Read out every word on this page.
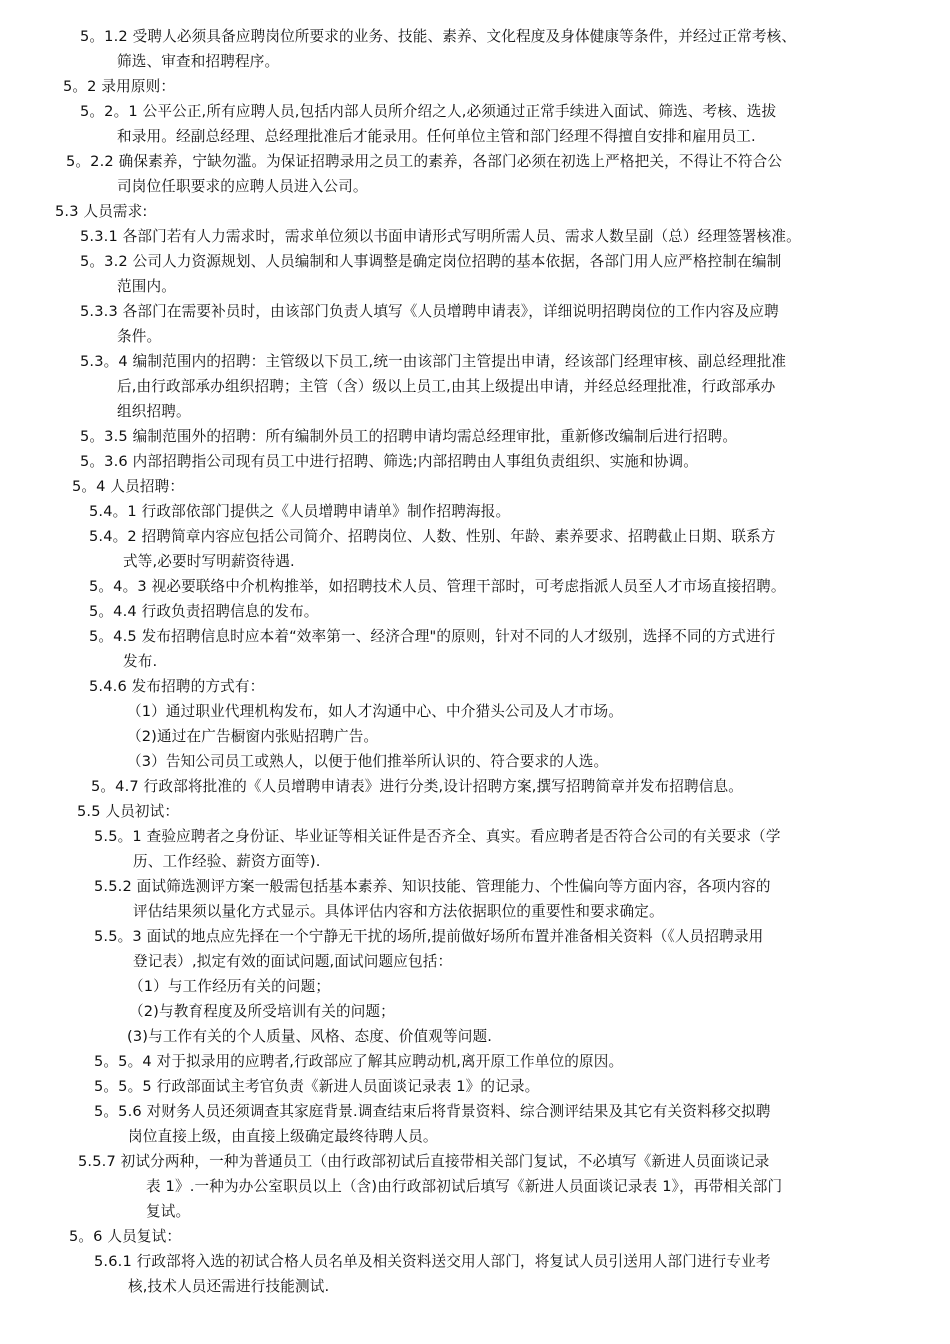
5。1.2 受聘人必须具备应聘岗位所要求的业务、技能、素养、文化程度及身体健康等条件，并经过正常考核、

筛选、审查和招聘程序。

5。2 录用原则：

5。2。1 公平公正,所有应聘人员,包括内部人员所介绍之人,必须通过正常手续进入面试、筛选、考核、选拔

和录用。经副总经理、总经理批准后才能录用。任何单位主管和部门经理不得擅自安排和雇用员工.

5。2.2 确保素养，宁缺勿滥。为保证招聘录用之员工的素养，各部门必须在初选上严格把关，不得让不符合公

司岗位任职要求的应聘人员进入公司。

5.3 人员需求:

5.3.1 各部门若有人力需求时，需求单位须以书面申请形式写明所需人员、需求人数呈副（总）经理签署核准。

5。3.2 公司人力资源规划、人员编制和人事调整是确定岗位招聘的基本依据，各部门用人应严格控制在编制

范围内。

5.3.3 各部门在需要补员时，由该部门负责人填写《人员增聘申请表》，详细说明招聘岗位的工作内容及应聘

条件。

5.3。4 编制范围内的招聘：主管级以下员工,统一由该部门主管提出申请，经该部门经理审核、副总经理批准

后,由行政部承办组织招聘；主管（含）级以上员工,由其上级提出申请，并经总经理批准，行政部承办

组织招聘。

5。3.5 编制范围外的招聘：所有编制外员工的招聘申请均需总经理审批，重新修改编制后进行招聘。

5。3.6 内部招聘指公司现有员工中进行招聘、筛选;内部招聘由人事组负责组织、实施和协调。

5。4 人员招聘：

5.4。1 行政部依部门提供之《人员增聘申请单》制作招聘海报。

5.4。2 招聘简章内容应包括公司简介、招聘岗位、人数、性别、年龄、素养要求、招聘截止日期、联系方

式等,必要时写明薪资待遇.

5。4。3 视必要联络中介机构推举，如招聘技术人员、管理干部时，可考虑指派人员至人才市场直接招聘。

5。4.4 行政负责招聘信息的发布。

5。4.5 发布招聘信息时应本着“效率第一、经济合理"的原则，针对不同的人才级别，选择不同的方式进行

发布.

5.4.6 发布招聘的方式有：

（1）通过职业代理机构发布，如人才沟通中心、中介猎头公司及人才市场。

（2)通过在广告橱窗内张贴招聘广告。

（3）告知公司员工或熟人，以便于他们推举所认识的、符合要求的人选。

5。4.7 行政部将批准的《人员增聘申请表》进行分类,设计招聘方案,撰写招聘简章并发布招聘信息。

5.5 人员初试：

5.5。1 查验应聘者之身份证、毕业证等相关证件是否齐全、真实。看应聘者是否符合公司的有关要求（学

历、工作经验、薪资方面等).

5.5.2 面试筛选测评方案一般需包括基本素养、知识技能、管理能力、个性偏向等方面内容，各项内容的

评估结果须以量化方式显示。具体评估内容和方法依据职位的重要性和要求确定。

5.5。3 面试的地点应先择在一个宁静无干扰的场所,提前做好场所布置并准备相关资料（《人员招聘录用

登记表）,拟定有效的面试问题,面试问题应包括：

（1）与工作经历有关的问题；

（2)与教育程度及所受培训有关的问题；

(3)与工作有关的个人质量、风格、态度、价值观等问题.

5。5。4 对于拟录用的应聘者,行政部应了解其应聘动机,离开原工作单位的原因。

5。5。5 行政部面试主考官负责《新进人员面谈记录表 1》的记录。

5。5.6 对财务人员还须调查其家庭背景.调查结束后将背景资料、综合测评结果及其它有关资料移交拟聘

岗位直接上级，由直接上级确定最终待聘人员。

5.5.7 初试分两种，一种为普通员工（由行政部初试后直接带相关部门复试，不必填写《新进人员面谈记录

表 1》.一种为办公室职员以上（含)由行政部初试后填写《新进人员面谈记录表 1》，再带相关部门

复试。

5。6 人员复试：

5.6.1 行政部将入选的初试合格人员名单及相关资料送交用人部门，将复试人员引送用人部门进行专业考

核,技术人员还需进行技能测试.
